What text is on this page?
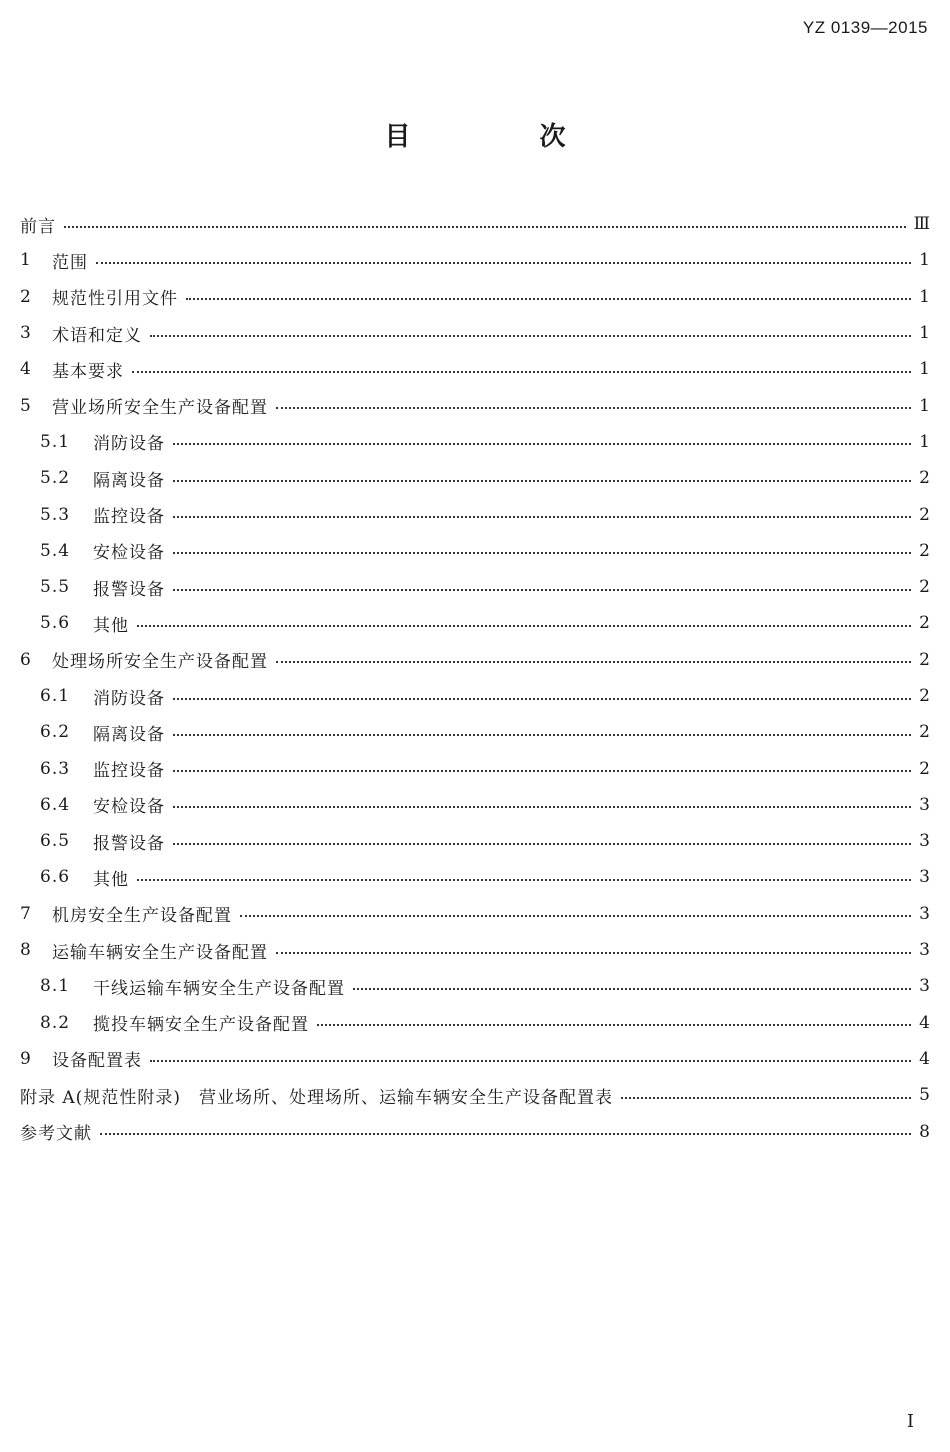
YZ 0139—2015
目 次
前言	Ⅲ
1	范围	1
2	规范性引用文件	1
3	术语和定义	1
4	基本要求	1
5	营业场所安全生产设备配置	1
5.1	消防设备	1
5.2	隔离设备	2
5.3	监控设备	2
5.4	安检设备	2
5.5	报警设备	2
5.6	其他	2
6	处理场所安全生产设备配置	2
6.1	消防设备	2
6.2	隔离设备	2
6.3	监控设备	2
6.4	安检设备	3
6.5	报警设备	3
6.6	其他	3
7	机房安全生产设备配置	3
8	运输车辆安全生产设备配置	3
8.1	干线运输车辆安全生产设备配置	3
8.2	揽投车辆安全生产设备配置	4
9	设备配置表	4
附录 A(规范性附录)　营业场所、处理场所、运输车辆安全生产设备配置表	5
参考文献	8
I
